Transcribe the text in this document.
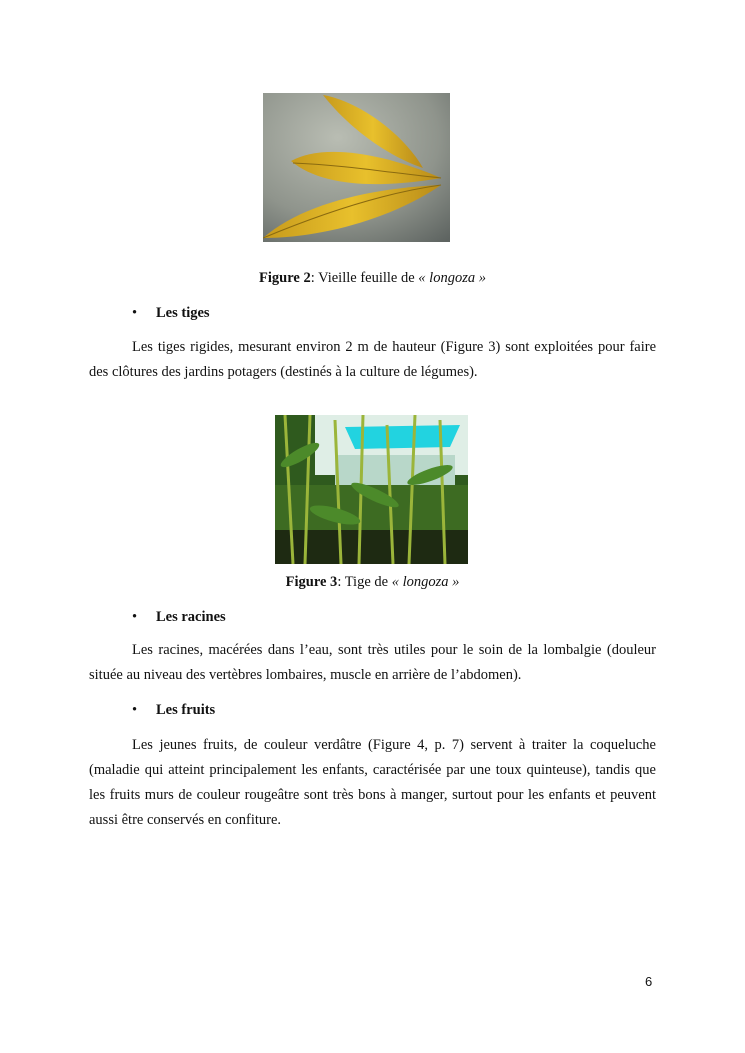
Figure 2: Vieille feuille de « longoza »
• Les tiges

Les tiges rigides, mesurant environ 2 m de hauteur (Figure 3) sont exploitées pour faire des clôtures des jardins potagers (destinés à la culture de légumes).

Figure 3: Tige de « longoza »
• Les racines

Les racines, macérées dans l’eau, sont très utiles pour le soin de la lombalgie (douleur située au niveau des vertèbres lombaires, muscle en arrière de l’abdomen).

• Les fruits

Les jeunes fruits, de couleur verdâtre (Figure 4, p. 7) servent à traiter la coqueluche (maladie qui atteint principalement les enfants, caractérisée par une toux quinteuse), tandis que les fruits murs de couleur rougeâtre sont très bons à manger, surtout pour les enfants et peuvent aussi être conservés en confiture.

6
